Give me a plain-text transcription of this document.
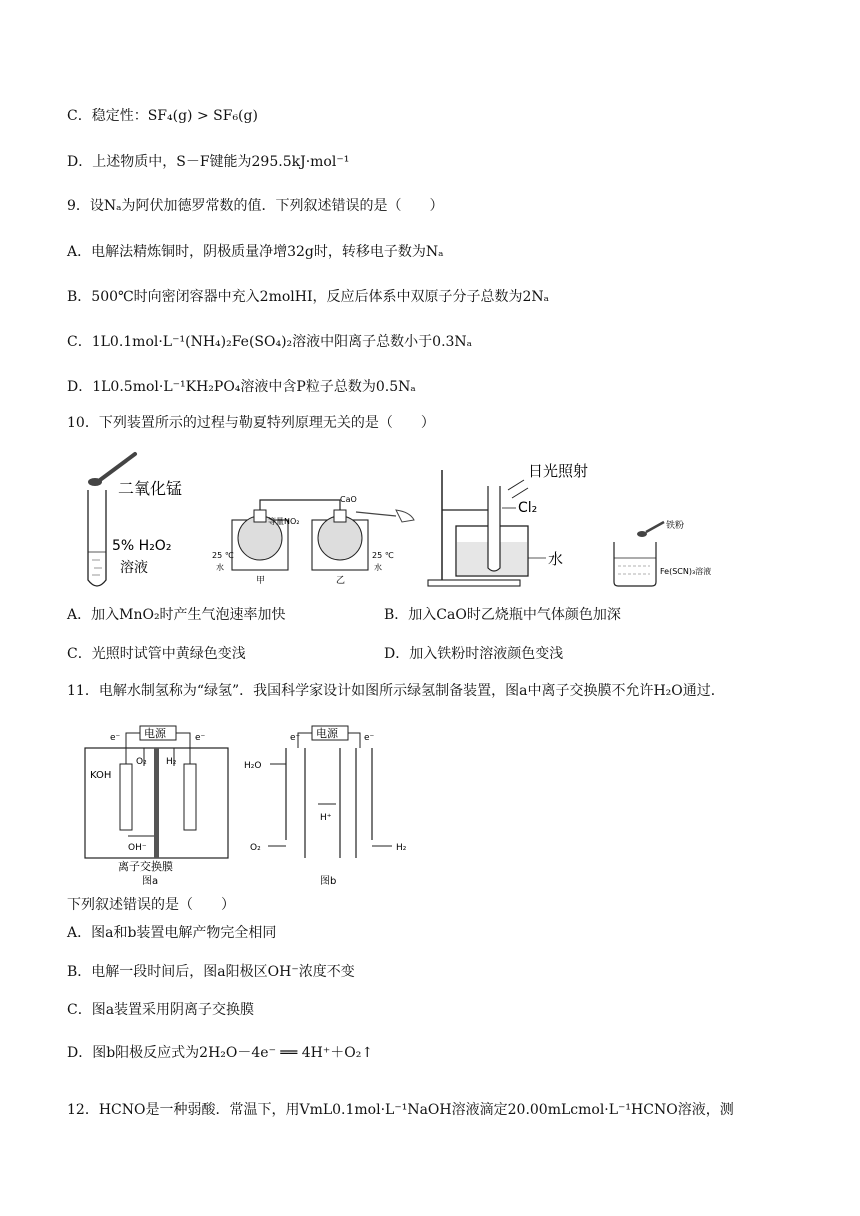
C．稳定性：SF₄(g) > SF₆(g)
D．上述物质中，S－F键能为295.5kJ·mol⁻¹
9．设Nₐ为阿伏加德罗常数的值．下列叙述错误的是（　　）
A．电解法精炼铜时，阴极质量净增32g时，转移电子数为Nₐ
B．500℃时向密闭容器中充入2molHI，反应后体系中双原子分子总数为2Nₐ
C．1L0.1mol·L⁻¹(NH₄)₂Fe(SO₄)₂溶液中阳离子总数小于0.3Nₐ
D．1L0.5mol·L⁻¹KH₂PO₄溶液中含P粒子总数为0.5Nₐ
10．下列装置所示的过程与勒夏特列原理无关的是（　　）
二氧化锰
5% H₂O₂
溶液
等量NO₂
CaO
25 ℃	25 ℃
水	水
甲	乙
日光照射
Cl₂
水
铁粉
Fe(SCN)₃溶液
A．加入MnO₂时产生气泡速率加快	B．加入CaO时乙烧瓶中气体颜色加深
C．光照时试管中黄绿色变浅	D．加入铁粉时溶液颜色变浅
11．电解水制氢称为“绿氢”．我国科学家设计如图所示绿氢制备装置，图a中离子交换膜不允许H₂O通过．
电源
e⁻	e⁻
KOH
O₂ H₂
OH⁻
离子交换膜
图a
电源
e⁻	e⁻
H₂O
H⁺
O₂	H₂
图b
下列叙述错误的是（　　）
A．图a和b装置电解产物完全相同
B．电解一段时间后，图a阳极区OH⁻浓度不变
C．图a装置采用阴离子交换膜
D．图b阳极反应式为2H₂O－4e⁻ ══ 4H⁺＋O₂↑
12．HCNO是一种弱酸．常温下，用VmL0.1mol·L⁻¹NaOH溶液滴定20.00mLcmol·L⁻¹HCNO溶液，测
